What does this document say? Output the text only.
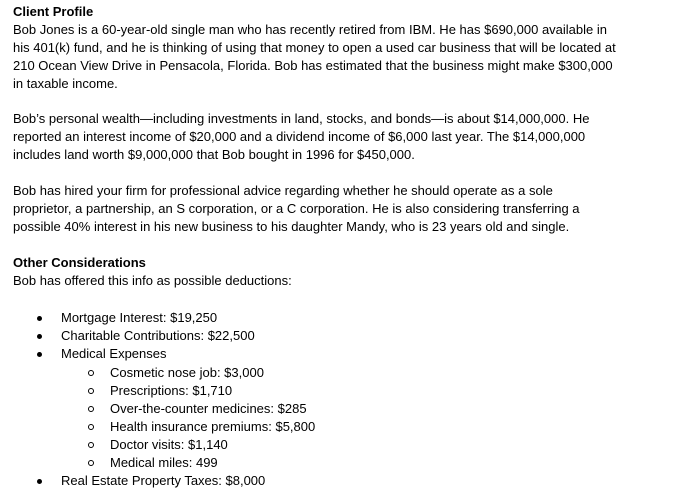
Client Profile
Bob Jones is a 60-year-old single man who has recently retired from IBM. He has $690,000 available in
his 401(k) fund, and he is thinking of using that money to open a used car business that will be located at
210 Ocean View Drive in Pensacola, Florida. Bob has estimated that the business might make $300,000
in taxable income.
Bob’s personal wealth—including investments in land, stocks, and bonds—is about $14,000,000. He
reported an interest income of $20,000 and a dividend income of $6,000 last year. The $14,000,000
includes land worth $9,000,000 that Bob bought in 1996 for $450,000.
Bob has hired your firm for professional advice regarding whether he should operate as a sole
proprietor, a partnership, an S corporation, or a C corporation. He is also considering transferring a
possible 40% interest in his new business to his daughter Mandy, who is 23 years old and single.
Other Considerations
Bob has offered this info as possible deductions:
Mortgage Interest: $19,250
Charitable Contributions: $22,500
Medical Expenses
Cosmetic nose job: $3,000
Prescriptions: $1,710
Over-the-counter medicines: $285
Health insurance premiums: $5,800
Doctor visits: $1,140
Medical miles: 499
Real Estate Property Taxes: $8,000
